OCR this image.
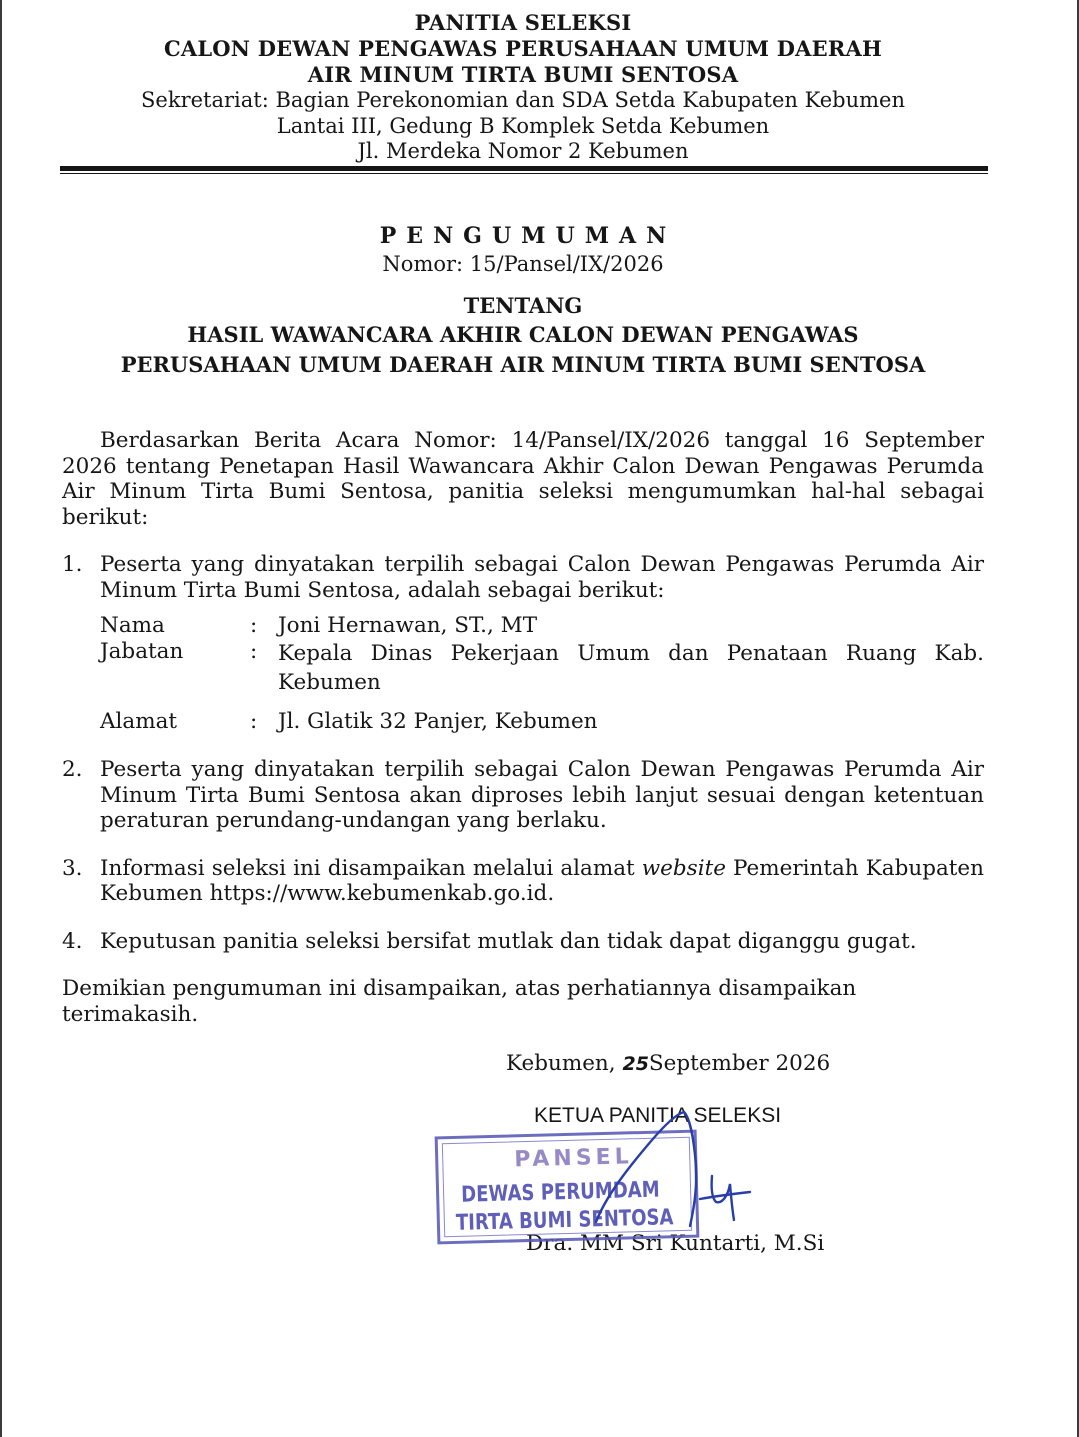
PANITIA SELEKSI
CALON DEWAN PENGAWAS PERUSAHAAN UMUM DAERAH
AIR MINUM TIRTA BUMI SENTOSA
Sekretariat: Bagian Perekonomian dan SDA Setda Kabupaten Kebumen
Lantai III, Gedung B Komplek Setda Kebumen
Jl. Merdeka Nomor 2 Kebumen
PENGUMUMAN
Nomor: 15/Pansel/IX/2026
TENTANG
HASIL WAWANCARA AKHIR CALON DEWAN PENGAWAS
PERUSAHAAN UMUM DAERAH AIR MINUM TIRTA BUMI SENTOSA
Berdasarkan Berita Acara Nomor: 14/Pansel/IX/2026 tanggal 16 September 2026 tentang Penetapan Hasil Wawancara Akhir Calon Dewan Pengawas Perumda Air Minum Tirta Bumi Sentosa, panitia seleksi mengumumkan hal-hal sebagai berikut:
1. Peserta yang dinyatakan terpilih sebagai Calon Dewan Pengawas Perumda Air Minum Tirta Bumi Sentosa, adalah sebagai berikut:
Nama	: Joni Hernawan, ST., MT
Jabatan	: Kepala Dinas Pekerjaan Umum dan Penataan Ruang Kab. Kebumen
Alamat	: Jl. Glatik 32 Panjer, Kebumen
2. Peserta yang dinyatakan terpilih sebagai Calon Dewan Pengawas Perumda Air Minum Tirta Bumi Sentosa akan diproses lebih lanjut sesuai dengan ketentuan peraturan perundang-undangan yang berlaku.
3. Informasi seleksi ini disampaikan melalui alamat website Pemerintah Kabupaten Kebumen https://www.kebumenkab.go.id.
4. Keputusan panitia seleksi bersifat mutlak dan tidak dapat diganggu gugat.
Demikian pengumuman ini disampaikan, atas perhatiannya disampaikan terimakasih.
Kebumen, 25September 2026
KETUA PANITIA SELEKSI
Dra. MM Sri Kuntarti, M.Si
PANSEL
DEWAS PERUMDAM
TIRTA BUMI SENTOSA
